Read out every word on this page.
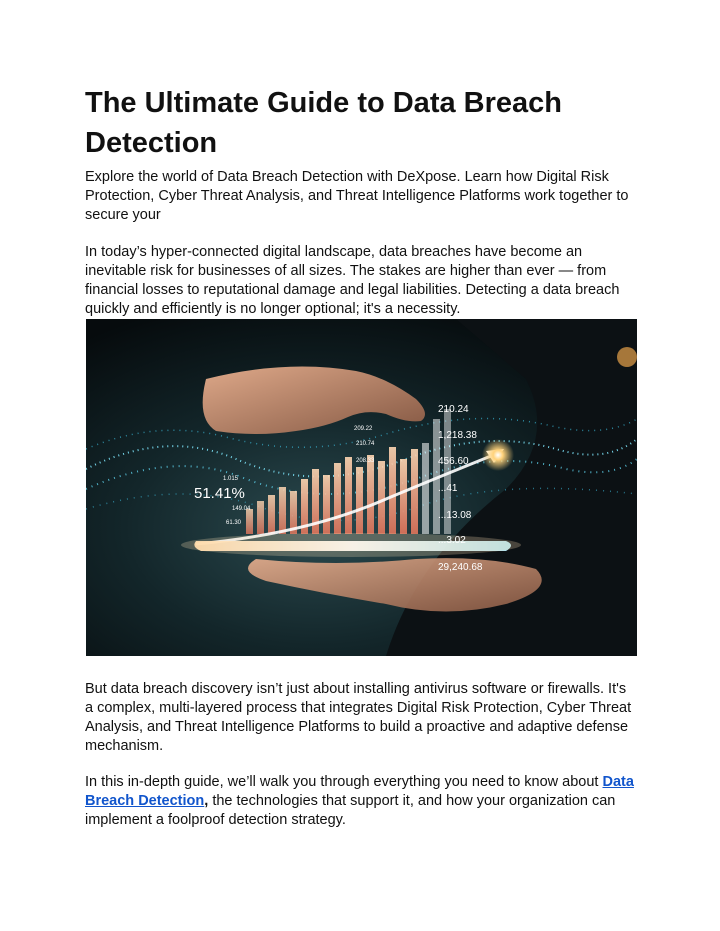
The Ultimate Guide to Data Breach Detection

Explore the world of Data Breach Detection with DeXpose. Learn how Digital Risk Protection, Cyber Threat Analysis, and Threat Intelligence Platforms work together to secure your

In today’s hyper-connected digital landscape, data breaches have become an inevitable risk for businesses of all sizes. The stakes are higher than ever — from financial losses to reputational damage and legal liabilities. Detecting a data breach quickly and efficiently is no longer optional; it's a necessity.

51.41%
1.015
149.04
61.30
209.22
210.74
208.33
210.24
1,218.38
456.60
...41
...13.08
...3.02
29,240.68

But data breach discovery isn’t just about installing antivirus software or firewalls. It's a complex, multi-layered process that integrates Digital Risk Protection, Cyber Threat Analysis, and Threat Intelligence Platforms to build a proactive and adaptive defense mechanism.

In this in-depth guide, we’ll walk you through everything you need to know about Data Breach Detection, the technologies that support it, and how your organization can implement a foolproof detection strategy.
